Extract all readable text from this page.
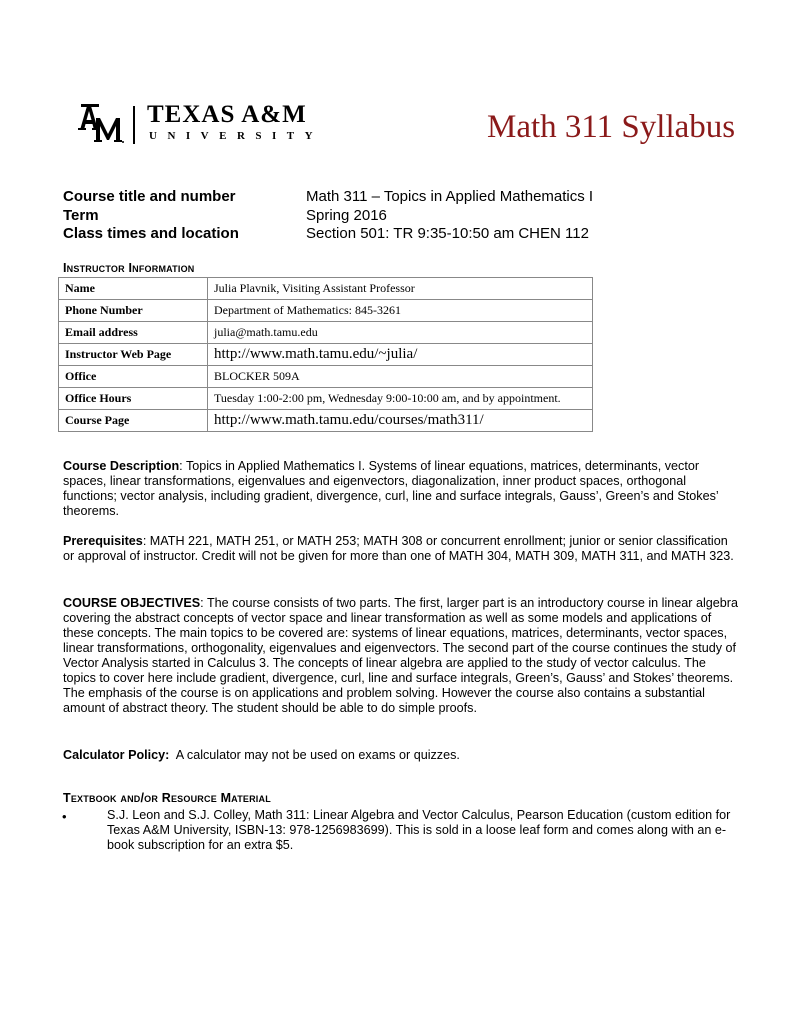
TEXAS A&M
UNIVERSITY	Math 311 Syllabus
Course title and number	Math 311 – Topics in Applied Mathematics I
Term	Spring 2016
Class times and location	Section 501: TR 9:35-10:50 am CHEN 112
Instructor Information
Name	Julia Plavnik, Visiting Assistant Professor
Phone Number	Department of Mathematics: 845-3261
Email address	julia@math.tamu.edu
Instructor Web Page	http://www.math.tamu.edu/~julia/
Office	BLOCKER 509A
Office Hours	Tuesday 1:00-2:00 pm, Wednesday 9:00-10:00 am, and by appointment.
Course Page	http://www.math.tamu.edu/courses/math311/
Course Description: Topics in Applied Mathematics I. Systems of linear equations, matrices, determinants, vector spaces, linear transformations, eigenvalues and eigenvectors, diagonalization, inner product spaces, orthogonal functions; vector analysis, including gradient, divergence, curl, line and surface integrals, Gauss’, Green’s and Stokes’ theorems.
Prerequisites: MATH 221, MATH 251, or MATH 253; MATH 308 or concurrent enrollment; junior or senior classification or approval of instructor. Credit will not be given for more than one of MATH 304, MATH 309, MATH 311, and MATH 323.
COURSE OBJECTIVES: The course consists of two parts. The first, larger part is an introductory course in linear algebra covering the abstract concepts of vector space and linear transformation as well as some models and applications of these concepts. The main topics to be covered are: systems of linear equations, matrices, determinants, vector spaces, linear transformations, orthogonality, eigenvalues and eigenvectors. The second part of the course continues the study of Vector Analysis started in Calculus 3. The concepts of linear algebra are applied to the study of vector calculus. The topics to cover here include gradient, divergence, curl, line and surface integrals, Green’s, Gauss’ and Stokes’ theorems.
The emphasis of the course is on applications and problem solving. However the course also contains a substantial amount of abstract theory. The student should be able to do simple proofs.
Calculator Policy:  A calculator may not be used on exams or quizzes.
Textbook and/or Resource Material
•	S.J. Leon and S.J. Colley, Math 311: Linear Algebra and Vector Calculus, Pearson Education (custom edition for Texas A&M University, ISBN-13: 978-1256983699). This is sold in a loose leaf form and comes along with an e-book subscription for an extra $5.
